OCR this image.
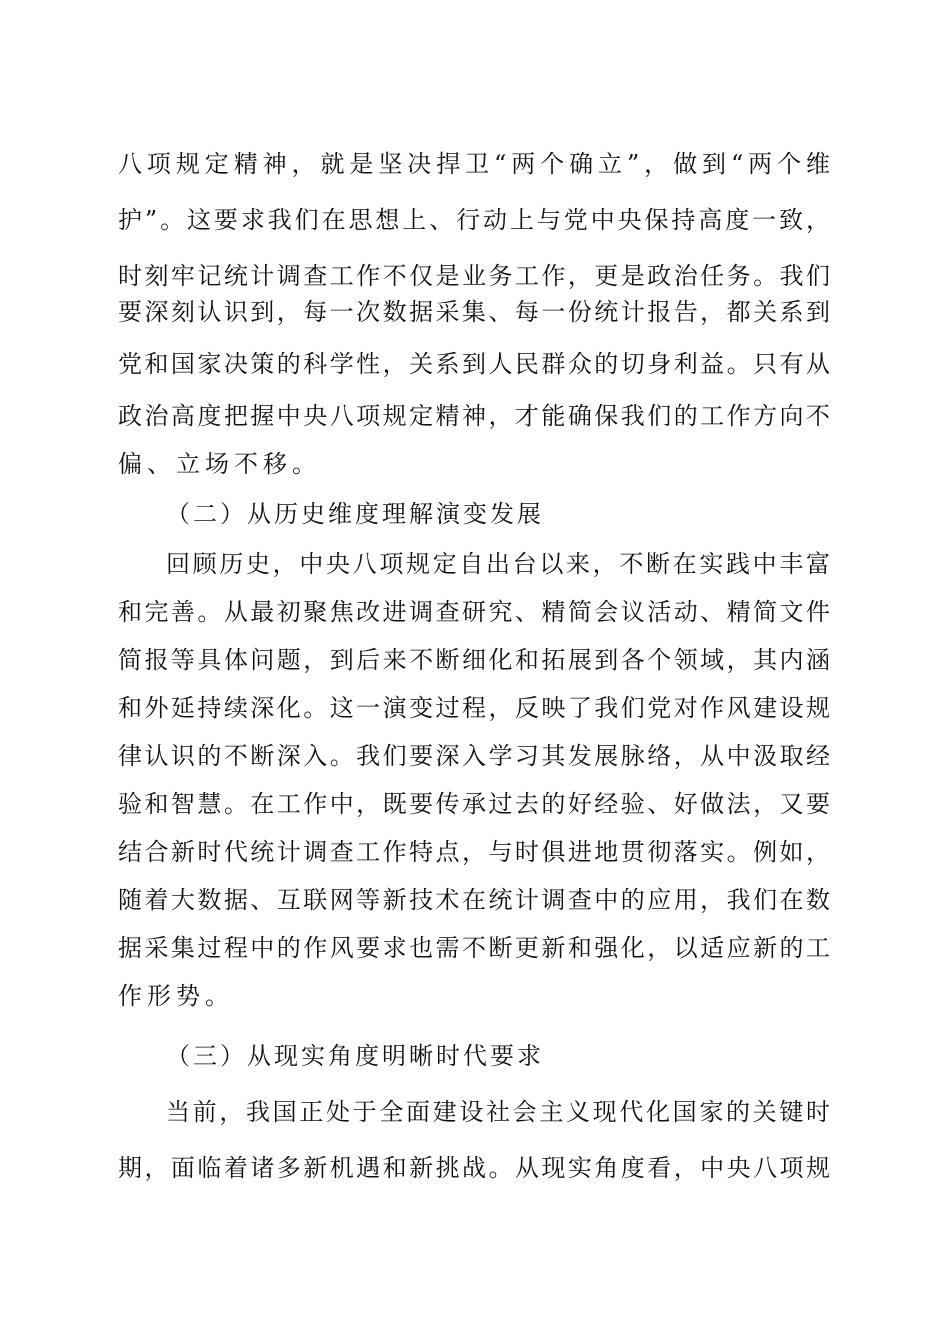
八项规定精神，就是坚决捍卫“两个确立”，做到“两个维
护”。这要求我们在思想上、行动上与党中央保持高度一致，
时刻牢记统计调查工作不仅是业务工作，更是政治任务。我们
要深刻认识到，每一次数据采集、每一份统计报告，都关系到
党和国家决策的科学性，关系到人民群众的切身利益。只有从
政治高度把握中央八项规定精神，才能确保我们的工作方向不
偏、立场不移。
（二）从历史维度理解演变发展
回顾历史，中央八项规定自出台以来，不断在实践中丰富
和完善。从最初聚焦改进调查研究、精简会议活动、精简文件
简报等具体问题，到后来不断细化和拓展到各个领域，其内涵
和外延持续深化。这一演变过程，反映了我们党对作风建设规
律认识的不断深入。我们要深入学习其发展脉络，从中汲取经
验和智慧。在工作中，既要传承过去的好经验、好做法，又要
结合新时代统计调查工作特点，与时俱进地贯彻落实。例如，
随着大数据、互联网等新技术在统计调查中的应用，我们在数
据采集过程中的作风要求也需不断更新和强化，以适应新的工
作形势。
（三）从现实角度明晰时代要求
当前，我国正处于全面建设社会主义现代化国家的关键时
期，面临着诸多新机遇和新挑战。从现实角度看，中央八项规
